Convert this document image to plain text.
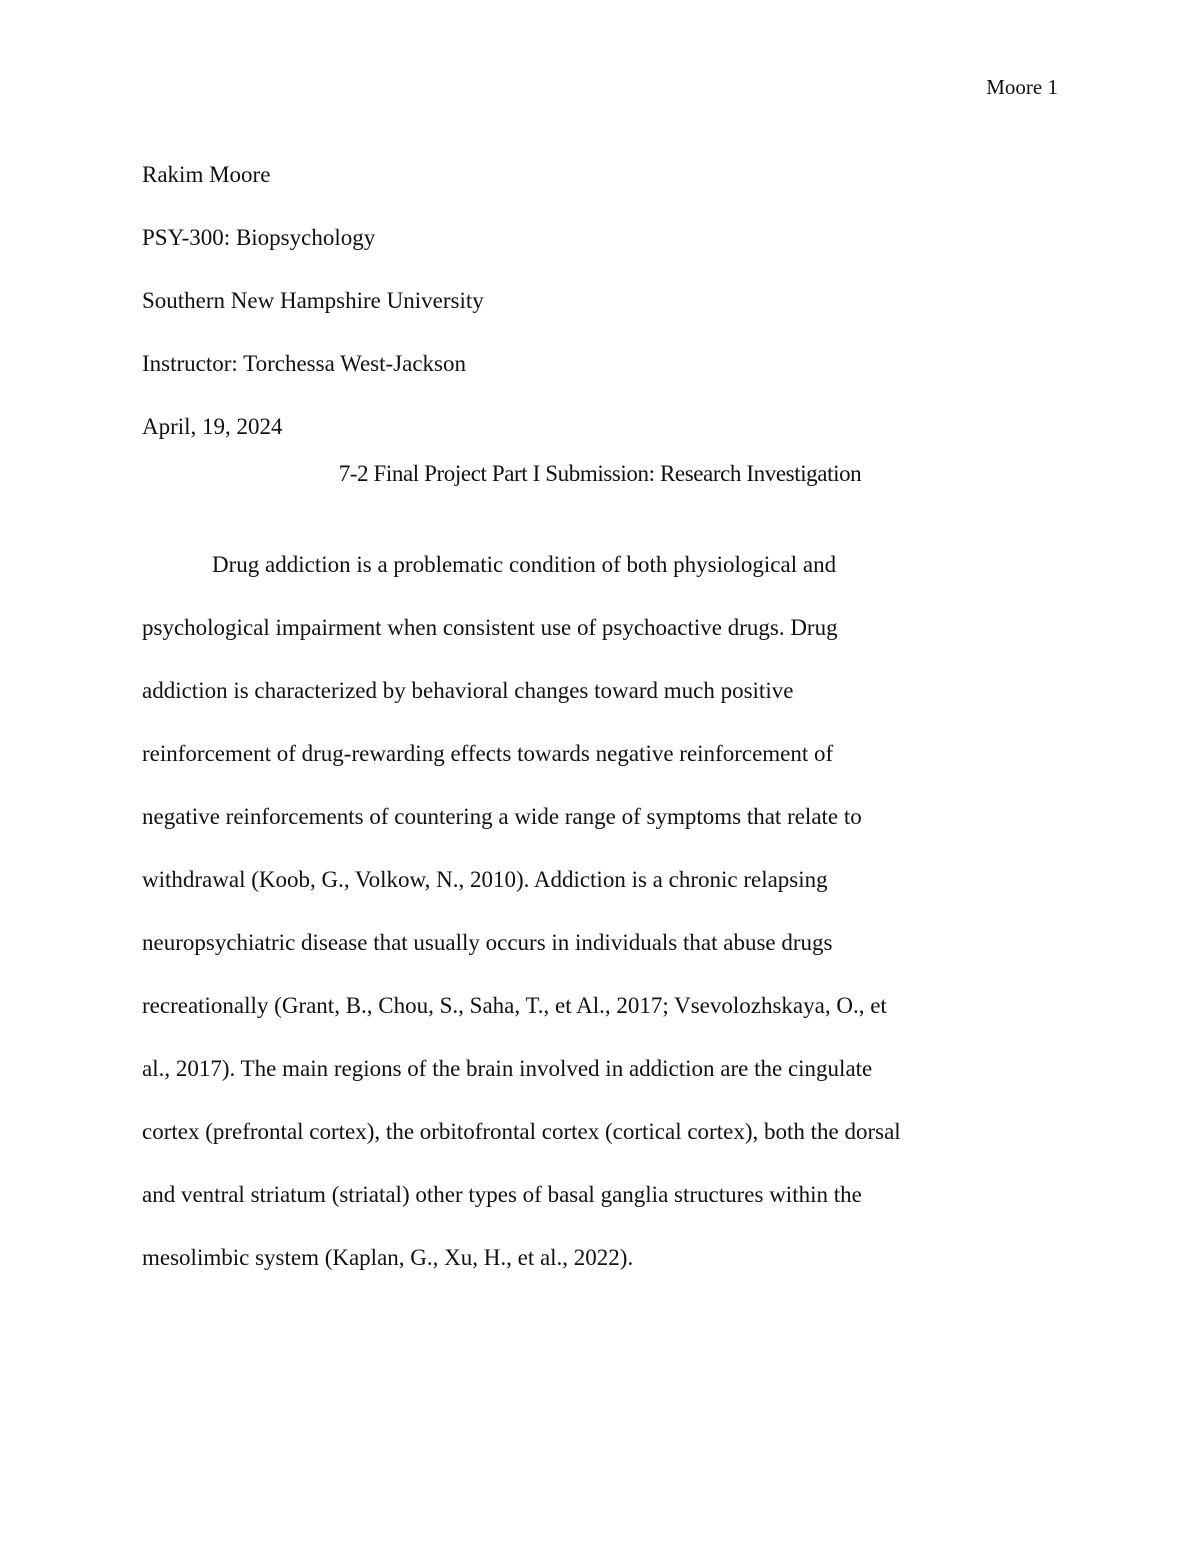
Moore 1
Rakim Moore
PSY-300: Biopsychology
Southern New Hampshire University
Instructor: Torchessa West-Jackson
April, 19, 2024
7-2 Final Project Part I Submission: Research Investigation
Drug addiction is a problematic condition of both physiological and
psychological impairment when consistent use of psychoactive drugs. Drug
addiction is characterized by behavioral changes toward much positive
reinforcement of drug-rewarding effects towards negative reinforcement of
negative reinforcements of countering a wide range of symptoms that relate to
withdrawal (Koob, G., Volkow, N., 2010). Addiction is a chronic relapsing
neuropsychiatric disease that usually occurs in individuals that abuse drugs
recreationally (Grant, B., Chou, S., Saha, T., et Al., 2017; Vsevolozhskaya, O., et
al., 2017). The main regions of the brain involved in addiction are the cingulate
cortex (prefrontal cortex), the orbitofrontal cortex (cortical cortex), both the dorsal
and ventral striatum (striatal) other types of basal ganglia structures within the
mesolimbic system (Kaplan, G., Xu, H., et al., 2022).
